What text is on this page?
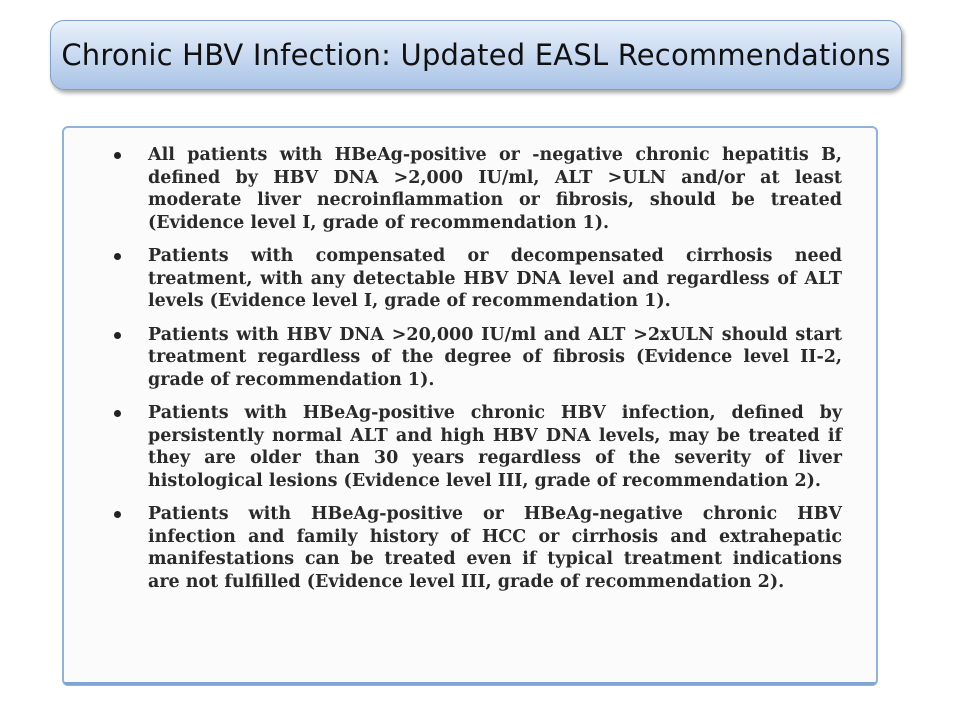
Chronic HBV Infection: Updated EASL Recommendations

All patients with HBeAg-positive or -negative chronic hepatitis B, defined by HBV DNA >2,000 IU/ml, ALT >ULN and/or at least moderate liver necroinflammation or fibrosis, should be treated (Evidence level I, grade of recommendation 1).

Patients with compensated or decompensated cirrhosis need treatment, with any detectable HBV DNA level and regardless of ALT levels (Evidence level I, grade of recommendation 1).

Patients with HBV DNA >20,000 IU/ml and ALT >2xULN should start treatment regardless of the degree of fibrosis (Evidence level II-2, grade of recommendation 1).

Patients with HBeAg-positive chronic HBV infection, defined by persistently normal ALT and high HBV DNA levels, may be treated if they are older than 30 years regardless of the severity of liver histological lesions (Evidence level III, grade of recommendation 2).

Patients with HBeAg-positive or HBeAg-negative chronic HBV infection and family history of HCC or cirrhosis and extrahepatic manifestations can be treated even if typical treatment indications are not fulfilled (Evidence level III, grade of recommendation 2).
